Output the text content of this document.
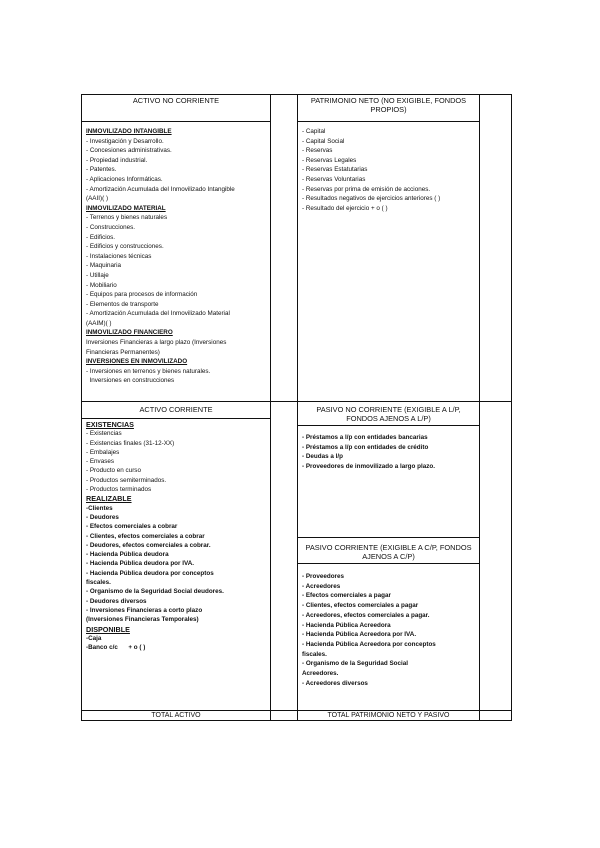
ACTIVO NO CORRIENTE
INMOVILIZADO INTANGIBLE
- Investigación y Desarrollo.
- Concesiones administrativas.
- Propiedad industrial.
- Patentes.
- Aplicaciones Informáticas.
- Amortización Acumulada del Inmovilizado Intangible
(AAII)( )
INMOVILIZADO MATERIAL
- Terrenos y bienes naturales
- Construcciones.
- Edificios.
- Edificios y construcciones.
- Instalaciones técnicas
- Maquinaria
- Utillaje
- Mobiliario
- Equipos para procesos de información
- Elementos de transporte
- Amortización Acumulada del Inmovilizado Material
(AAIM)( )
INMOVILIZADO FINANCIERO
Inversiones Financieras a largo plazo (Inversiones
Financieras Permanentes)
INVERSIONES EN INMOVILIZADO
- Inversiones en terrenos y bienes naturales.
Inversiones en construcciones
ACTIVO CORRIENTE
EXISTENCIAS
- Existencias
- Existencias finales (31-12-XX)
- Embalajes
- Envases
- Producto en curso
- Productos semiterminados.
- Productos terminados
REALIZABLE
-Clientes
- Deudores
- Efectos comerciales a cobrar
- Clientes, efectos comerciales a cobrar
- Deudores, efectos comerciales a cobrar.
- Hacienda Pública deudora
- Hacienda Pública deudora por IVA.
- Hacienda Pública deudora por conceptos
fiscales.
- Organismo de la Seguridad Social deudores.
- Deudores diversos
- Inversiones Financieras a corto plazo
(Inversiones Financieras Temporales)
DISPONIBLE
-Caja
-Banco c/c      + o ( )
TOTAL ACTIVO
PATRIMONIO NETO (NO EXIGIBLE, FONDOS
PROPIOS)
- Capital
- Capital Social
- Reservas
- Reservas Legales
- Reservas Estatutarias
- Reservas Voluntarias
- Reservas por prima de emisión de acciones.
- Resultados negativos de ejercicios anteriores ( )
- Resultado del ejercicio + o ( )
PASIVO NO CORRIENTE (EXIGIBLE A L/P,
FONDOS AJENOS A L/P)
- Préstamos a l/p con entidades bancarias
- Préstamos a l/p con entidades de crédito
- Deudas a l/p
- Proveedores de inmovilizado a largo plazo.
PASIVO CORRIENTE (EXIGIBLE A C/P, FONDOS
AJENOS A C/P)
- Proveedores
- Acreedores
- Efectos comerciales a pagar
- Clientes, efectos comerciales a pagar
- Acreedores, efectos comerciales a pagar.
- Hacienda Pública Acreedora
- Hacienda Pública Acreedora por IVA.
- Hacienda Pública Acreedora por conceptos
fiscales.
- Organismo de la Seguridad Social
Acreedores.
- Acreedores diversos
TOTAL PATRIMONIO NETO Y PASIVO
